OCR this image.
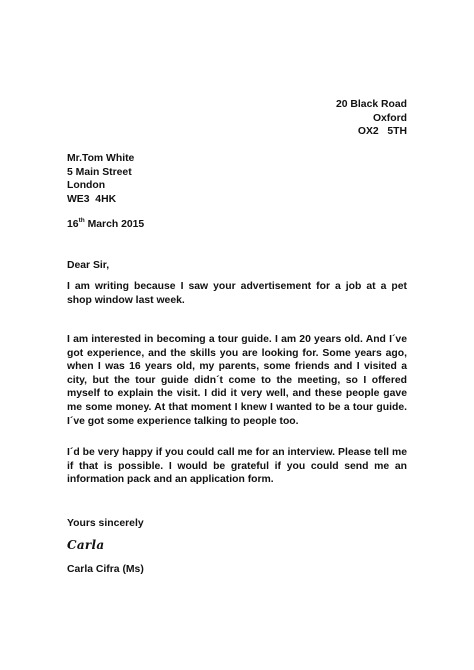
20 Black Road
Oxford
OX2   5TH
Mr.Tom White
5 Main Street
London
WE3  4HK
16th March 2015
Dear Sir,
I am writing because I saw your advertisement for a job at a pet shop window last week.
I am interested in becoming a tour guide. I am 20 years old. And I´ve got experience, and the skills you are looking for. Some years ago, when I was 16 years old, my parents, some friends and I visited a city, but the tour guide didn´t come to the meeting, so I offered myself to explain the visit. I did it very well, and these people gave me some money. At that moment I knew I wanted to be a tour guide. I´ve got some experience talking to people too.
I´d be very happy if you could call me for an interview. Please tell me if that is possible. I would be grateful if you could send me an information pack and an application form.
Yours sincerely
Carla
Carla Cifra (Ms)
